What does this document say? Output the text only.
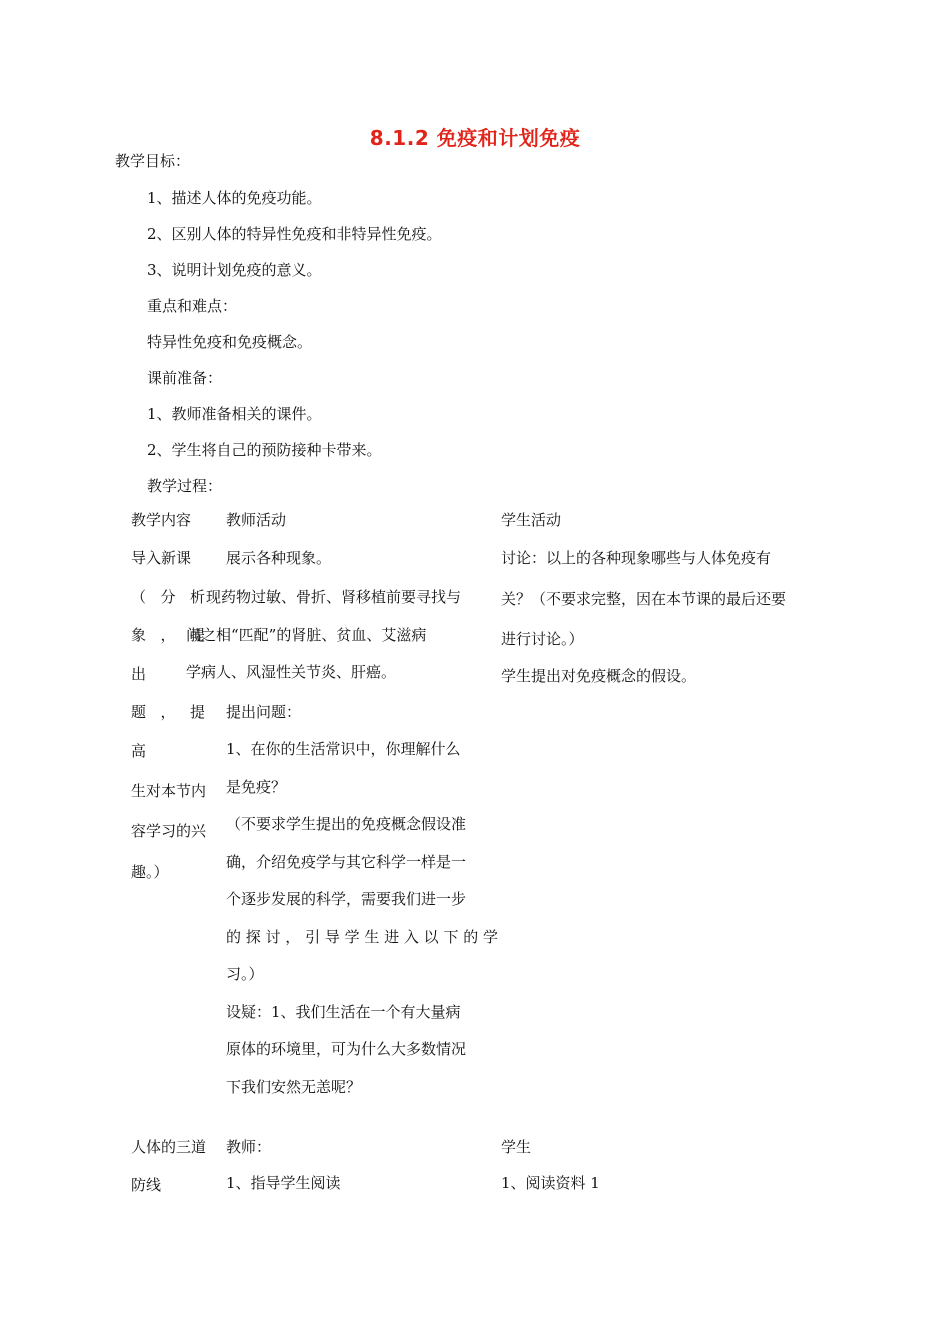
8.1.2 免疫和计划免疫
教学目标：
1、描述人体的免疫功能。
2、区别人体的特异性免疫和非特异性免疫。
3、说明计划免疫的意义。
重点和难点：
特异性免疫和免疫概念。
课前准备：
1、教师准备相关的课件。
2、学生将自己的预防接种卡带来。
教学过程：
教学内容
导入新课
（ 分 析
象 ， 提 出
题 ， 提 高
生对本节内
容学习的兴
趣。）
教师活动
展示各种现象。
现药物过敏、骨折、肾移植前要寻找与
问之相“匹配”的肾脏、贫血、艾滋病
学病人、风湿性关节炎、肝癌。
提出问题：
1、在你的生活常识中，你理解什么
是免疫？
（不要求学生提出的免疫概念假设准
确，介绍免疫学与其它科学一样是一
个逐步发展的科学，需要我们进一步
的 探 讨 ， 引 导 学 生 进 入 以 下 的 学
习。）
设疑：1、我们生活在一个有大量病
原体的环境里，可为什么大多数情况
下我们安然无恙呢？
学生活动
讨论：以上的各种现象哪些与人体免疫有
关？（不要求完整，因在本节课的最后还要
进行讨论。）
学生提出对免疫概念的假设。
人体的三道
防线
教师：
1、指导学生阅读
学生
1、阅读资料 1
